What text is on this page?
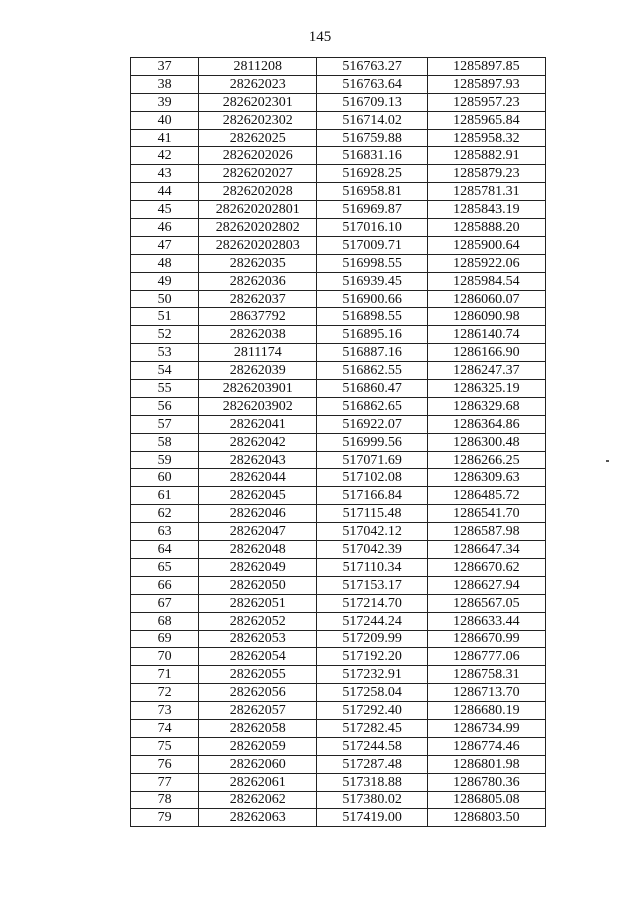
145
37	2811208	516763.27	1285897.85
38	28262023	516763.64	1285897.93
39	2826202301	516709.13	1285957.23
40	2826202302	516714.02	1285965.84
41	28262025	516759.88	1285958.32
42	2826202026	516831.16	1285882.91
43	2826202027	516928.25	1285879.23
44	2826202028	516958.81	1285781.31
45	282620202801	516969.87	1285843.19
46	282620202802	517016.10	1285888.20
47	282620202803	517009.71	1285900.64
48	28262035	516998.55	1285922.06
49	28262036	516939.45	1285984.54
50	28262037	516900.66	1286060.07
51	28637792	516898.55	1286090.98
52	28262038	516895.16	1286140.74
53	2811174	516887.16	1286166.90
54	28262039	516862.55	1286247.37
55	2826203901	516860.47	1286325.19
56	2826203902	516862.65	1286329.68
57	28262041	516922.07	1286364.86
58	28262042	516999.56	1286300.48
59	28262043	517071.69	1286266.25
60	28262044	517102.08	1286309.63
61	28262045	517166.84	1286485.72
62	28262046	517115.48	1286541.70
63	28262047	517042.12	1286587.98
64	28262048	517042.39	1286647.34
65	28262049	517110.34	1286670.62
66	28262050	517153.17	1286627.94
67	28262051	517214.70	1286567.05
68	28262052	517244.24	1286633.44
69	28262053	517209.99	1286670.99
70	28262054	517192.20	1286777.06
71	28262055	517232.91	1286758.31
72	28262056	517258.04	1286713.70
73	28262057	517292.40	1286680.19
74	28262058	517282.45	1286734.99
75	28262059	517244.58	1286774.46
76	28262060	517287.48	1286801.98
77	28262061	517318.88	1286780.36
78	28262062	517380.02	1286805.08
79	28262063	517419.00	1286803.50
